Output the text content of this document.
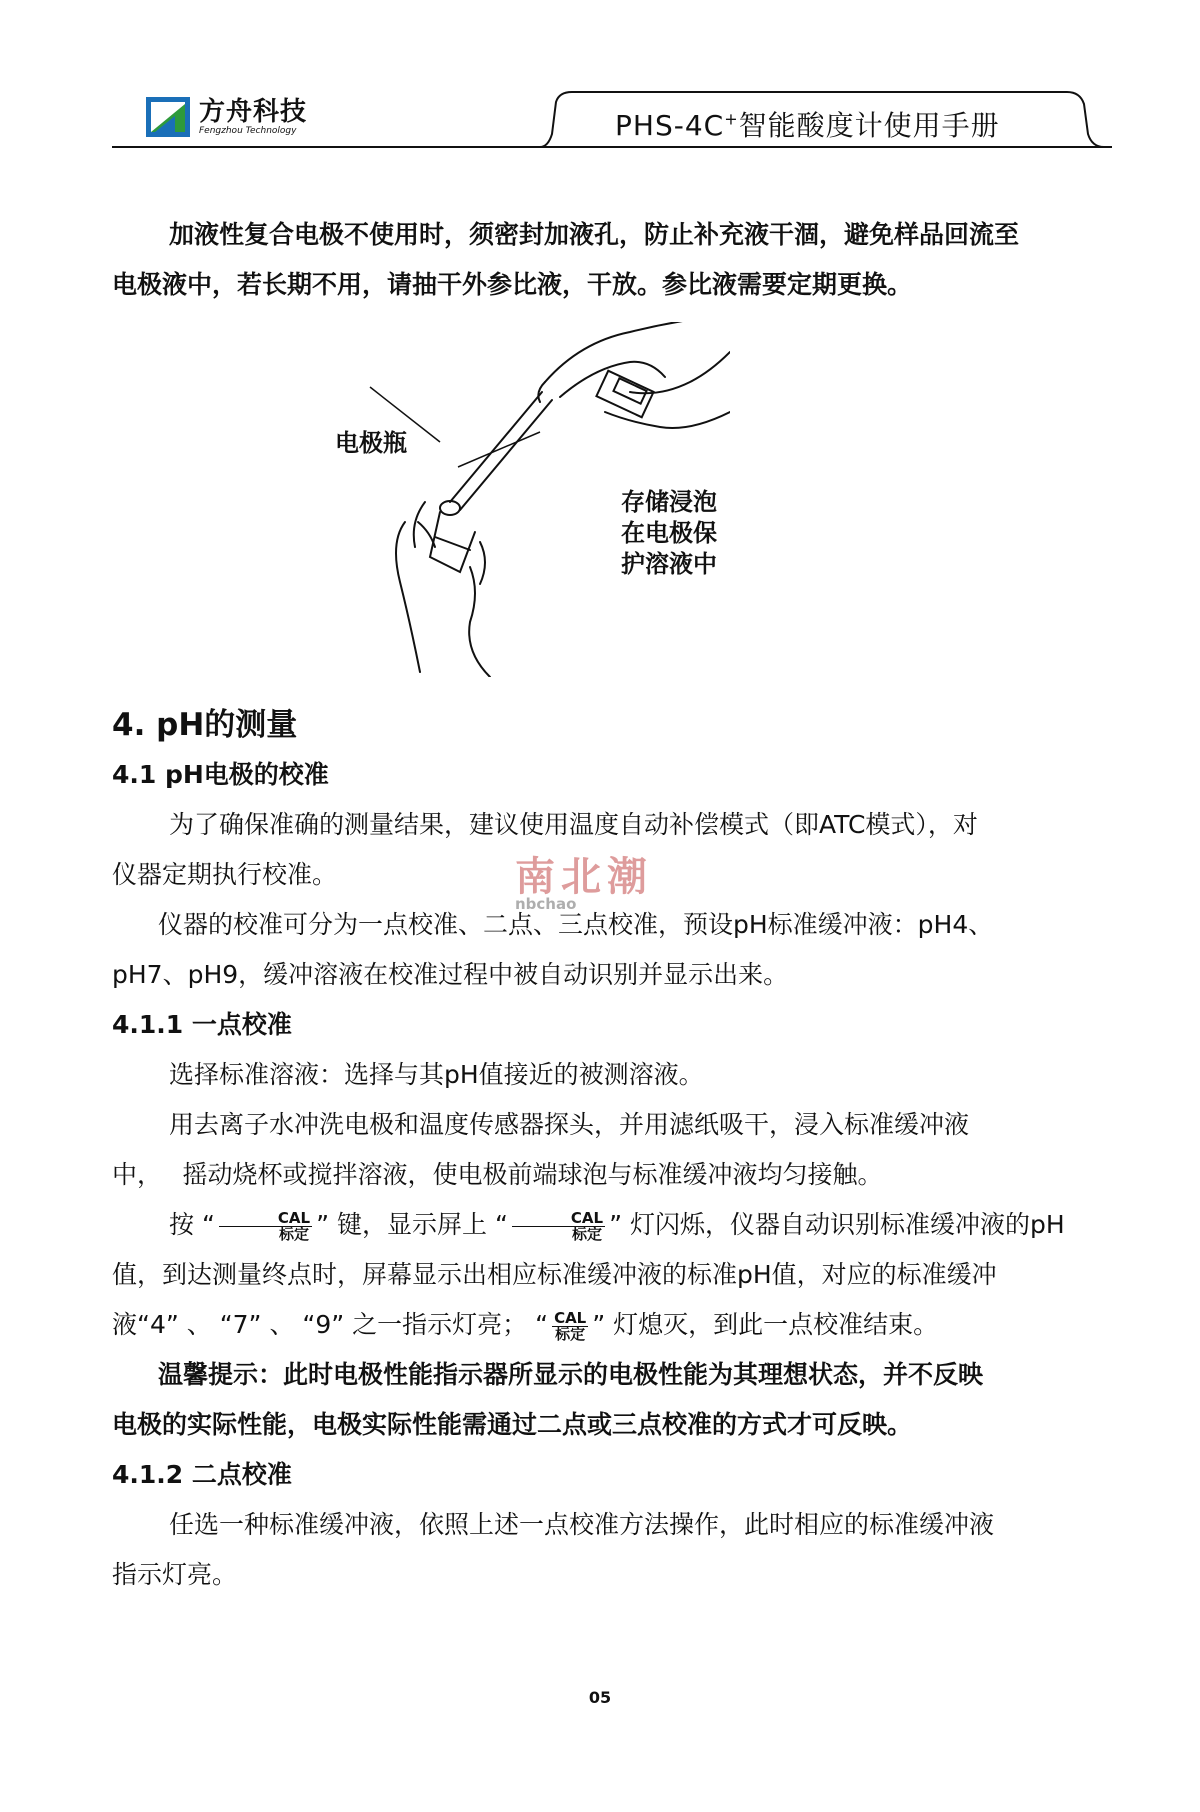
方舟科技
Fengzhou Technology	PHS-4C+智能酸度计使用手册

加液性复合电极不使用时，须密封加液孔，防止补充液干涸，避免样品回流至

电极液中，若长期不用，请抽干外参比液，干放。参比液需要定期更换。

电极瓶
存储浸泡
在电极保
护溶液中
4. pH的测量
4.1 pH电极的校准

为了确保准确的测量结果，建议使用温度自动补偿模式（即ATC模式），对

仪器定期执行校准。

仪器的校准可分为一点校准、二点、三点校准，预设pH标准缓冲液：pH4、

pH7、pH9，缓冲溶液在校准过程中被自动识别并显示出来。

4.1.1 一点校准

选择标准溶液：选择与其pH值接近的被测溶液。

用去离子水冲洗电极和温度传感器探头，并用滤纸吸干，浸入标准缓冲液

中，　 摇动烧杯或搅拌溶液，使电极前端球泡与标准缓冲液均匀接触。

按 “ $\frac{\text{CAL}}{\text{标定}}$ ” 键，显示屏上 “ $\frac{\text{CAL}}{\text{标定}}$ ” 灯闪烁，仪器自动识别标准缓冲液的pH

值，到达测量终点时，屏幕显示出相应标准缓冲液的标准pH值，对应的标准缓冲

液“4” 、 “7” 、 “9” 之一指示灯亮； “ $\frac{\text{CAL}}{\text{标定}}$ ” 灯熄灭，到此一点校准结束。

温馨提示：此时电极性能指示器所显示的电极性能为其理想状态，并不反映

电极的实际性能，电极实际性能需通过二点或三点校准的方式才可反映。

4.1.2 二点校准

任选一种标准缓冲液，依照上述一点校准方法操作，此时相应的标准缓冲液

指示灯亮。

南北潮
nbchao
05
